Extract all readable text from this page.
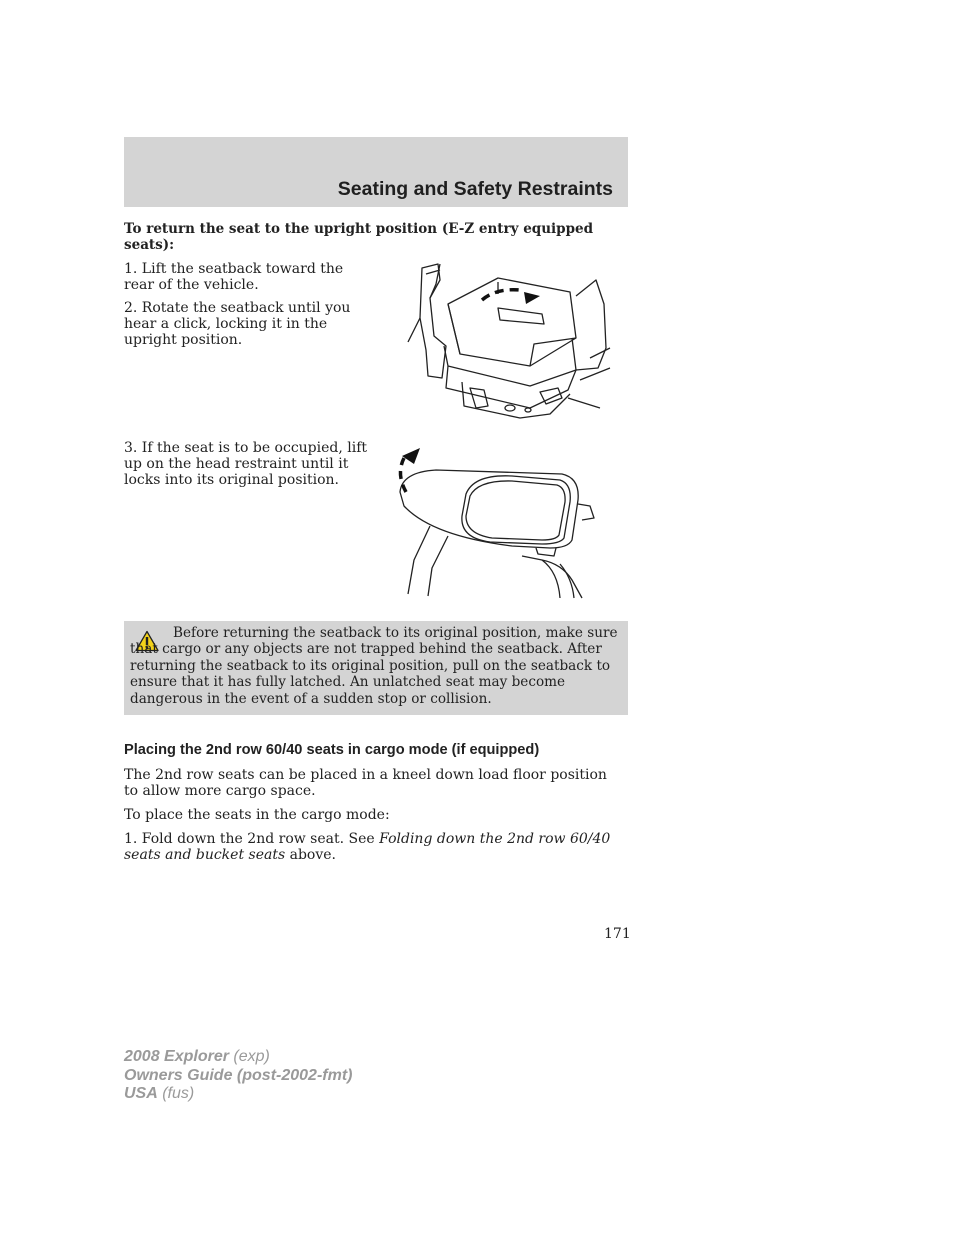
Seating and Safety Restraints
To return the seat to the upright position (E-Z entry equipped seats):

1. Lift the seatback toward the rear of the vehicle.

2. Rotate the seatback until you hear a click, locking it in the upright position.

3. If the seat is to be occupied, lift up on the head restraint until it locks into its original position.

Before returning the seatback to its original position, make sure that cargo or any objects are not trapped behind the seatback. After returning the seatback to its original position, pull on the seatback to ensure that it has fully latched. An unlatched seat may become dangerous in the event of a sudden stop or collision.
Placing the 2nd row 60/40 seats in cargo mode (if equipped)

The 2nd row seats can be placed in a kneel down load floor position to allow more cargo space.

To place the seats in the cargo mode:

1. Fold down the 2nd row seat. See Folding down the 2nd row 60/40 seats and bucket seats above.

171
2008 Explorer (exp)
Owners Guide (post-2002-fmt)
USA (fus)
